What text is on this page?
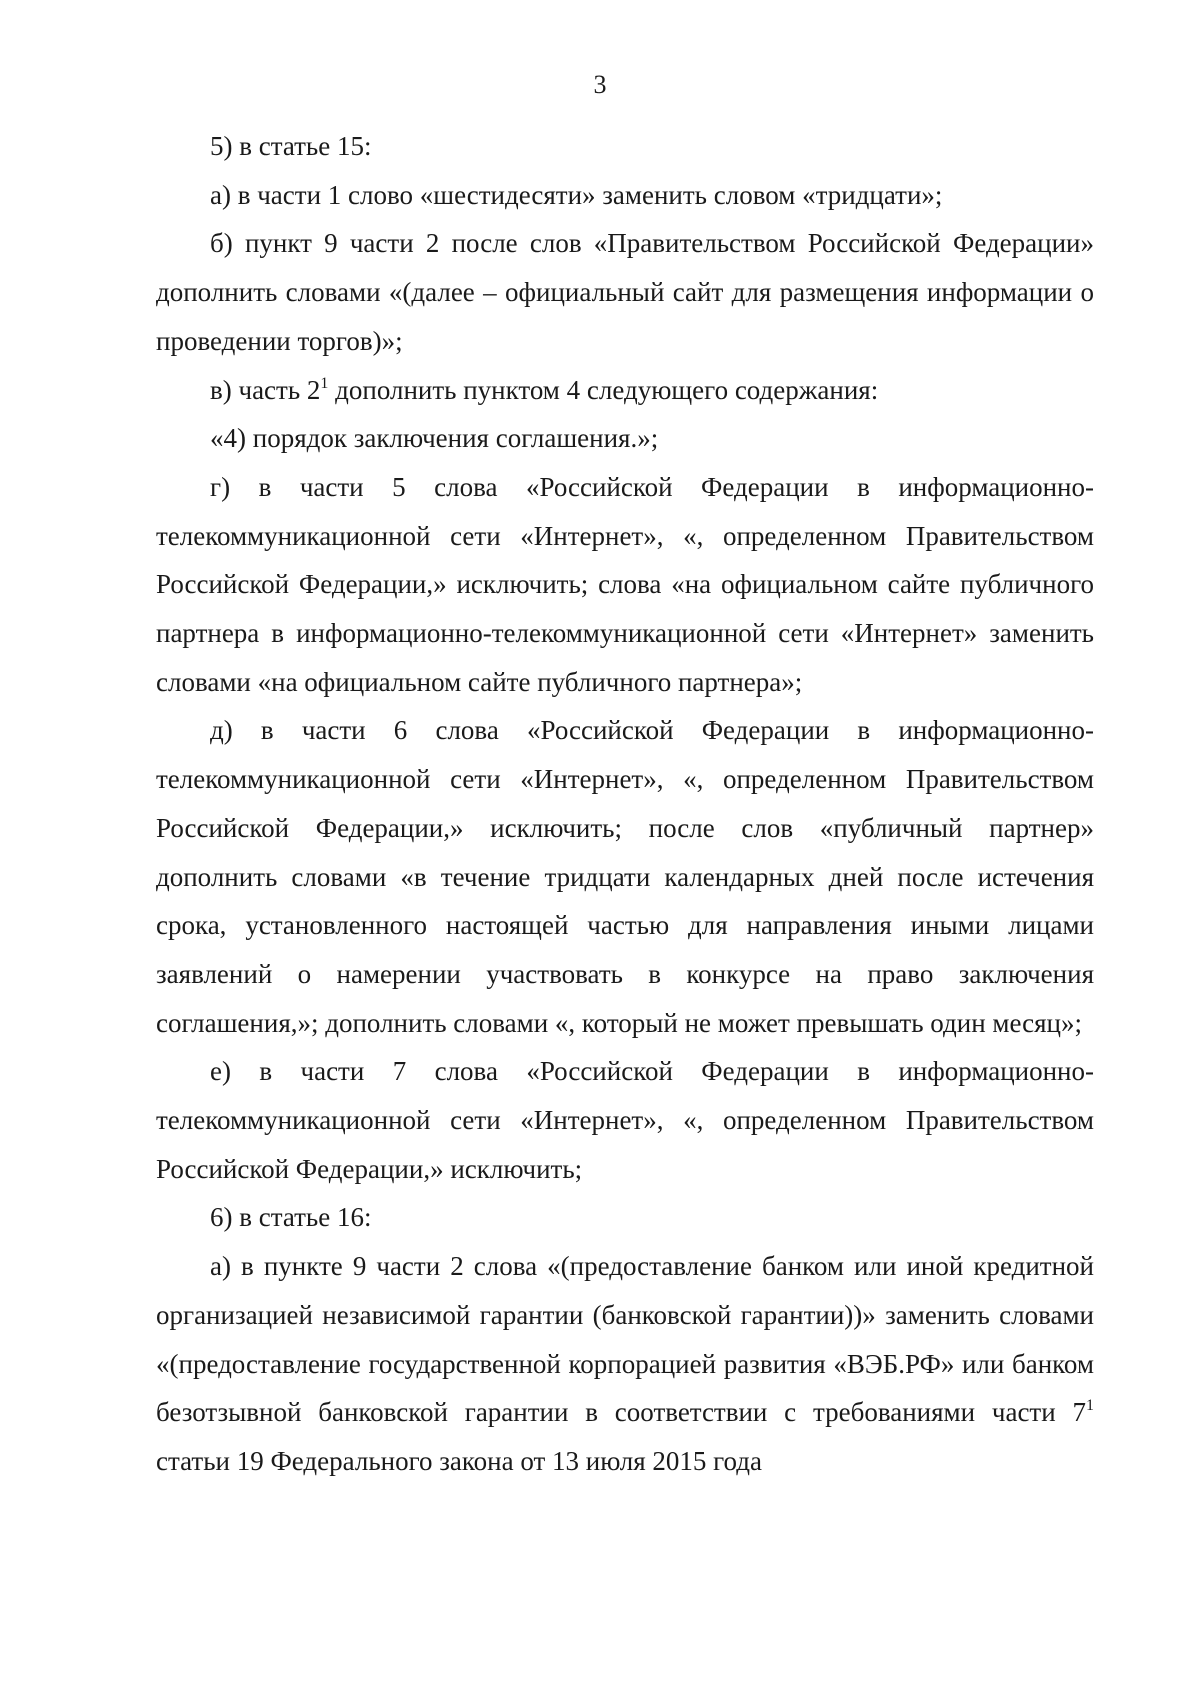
3

5) в статье 15:

а) в части 1 слово «шестидесяти» заменить словом «тридцати»;

б) пункт 9 части 2 после слов «Правительством Российской Федерации» дополнить словами «(далее – официальный сайт для размещения информации о проведении торгов)»;

в) часть $2^1$ дополнить пунктом 4 следующего содержания:

«4) порядок заключения соглашения.»;

г) в части 5 слова «Российской Федерации в информационно-телекоммуникационной сети «Интернет», «, определенном Правительством Российской Федерации,» исключить; слова «на официальном сайте публичного партнера в информационно-телекоммуникационной сети «Интернет» заменить словами «на официальном сайте публичного партнера»;

д) в части 6 слова «Российской Федерации в информационно-телекоммуникационной сети «Интернет», «, определенном Правительством Российской Федерации,» исключить; после слов «публичный партнер» дополнить словами «в течение тридцати календарных дней после истечения срока, установленного настоящей частью для направления иными лицами заявлений о намерении участвовать в конкурсе на право заключения соглашения,»; дополнить словами «, который не может превышать один месяц»;

е) в части 7 слова «Российской Федерации в информационно-телекоммуникационной сети «Интернет», «, определенном Правительством Российской Федерации,» исключить;

6) в статье 16:

а) в пункте 9 части 2 слова «(предоставление банком или иной кредитной организацией независимой гарантии (банковской гарантии))» заменить словами «(предоставление государственной корпорацией развития «ВЭБ.РФ» или банком безотзывной банковской гарантии в соответствии с требованиями части $7^1$ статьи 19 Федерального закона от 13 июля 2015 года
